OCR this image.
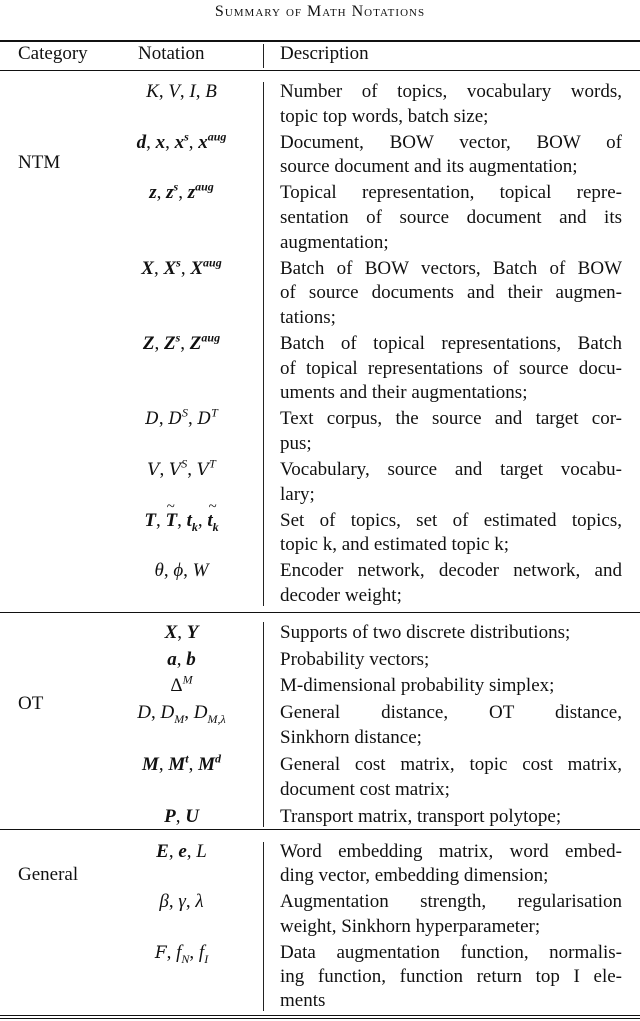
Summary of Math Notations
Category	Notation	Description
NTM
K, V, I, B	Number of topics, vocabulary words,
topic top words, batch size;
d, x, $x^s$, $x^{aug}$	Document, BOW vector, BOW of
source document and its augmentation;
z, $z^s$, $z^{aug}$	Topical representation, topical repre-
sentation of source document and its
augmentation;
X, $X^s$, $X^{aug}$	Batch of BOW vectors, Batch of BOW
of source documents and their augmen-
tations;
Z, $Z^s$, $Z^{aug}$	Batch of topical representations, Batch
of topical representations of source docu-
uments and their augmentations;
D, $D^S$, $D^T$	Text corpus, the source and target cor-
pus;
V, $V^S$, $V^T$	Vocabulary, source and target vocabu-
lary;
T, ~ T, $t_k$, ~ $t_k$	Set of topics, set of estimated topics,
topic k, and estimated topic k;
θ, ϕ, W	Encoder network, decoder network, and
decoder weight;
OT
X, Y	Supports of two discrete distributions;
a, b	Probability vectors;
$\Delta^M$	M-dimensional probability simplex;
D, $D_M$, $D_{M,\lambda}$	General distance, OT distance,
Sinkhorn distance;
M, $M^t$, $M^d$	General cost matrix, topic cost matrix,
document cost matrix;
P, U	Transport matrix, transport polytope;
General
E, e, L	Word embedding matrix, word embed-
ding vector, embedding dimension;
β, γ, λ	Augmentation strength, regularisation
weight, Sinkhorn hyperparameter;
F, $f_N$, $f_I$	Data augmentation function, normalis-
ing function, function return top I ele-
ments
